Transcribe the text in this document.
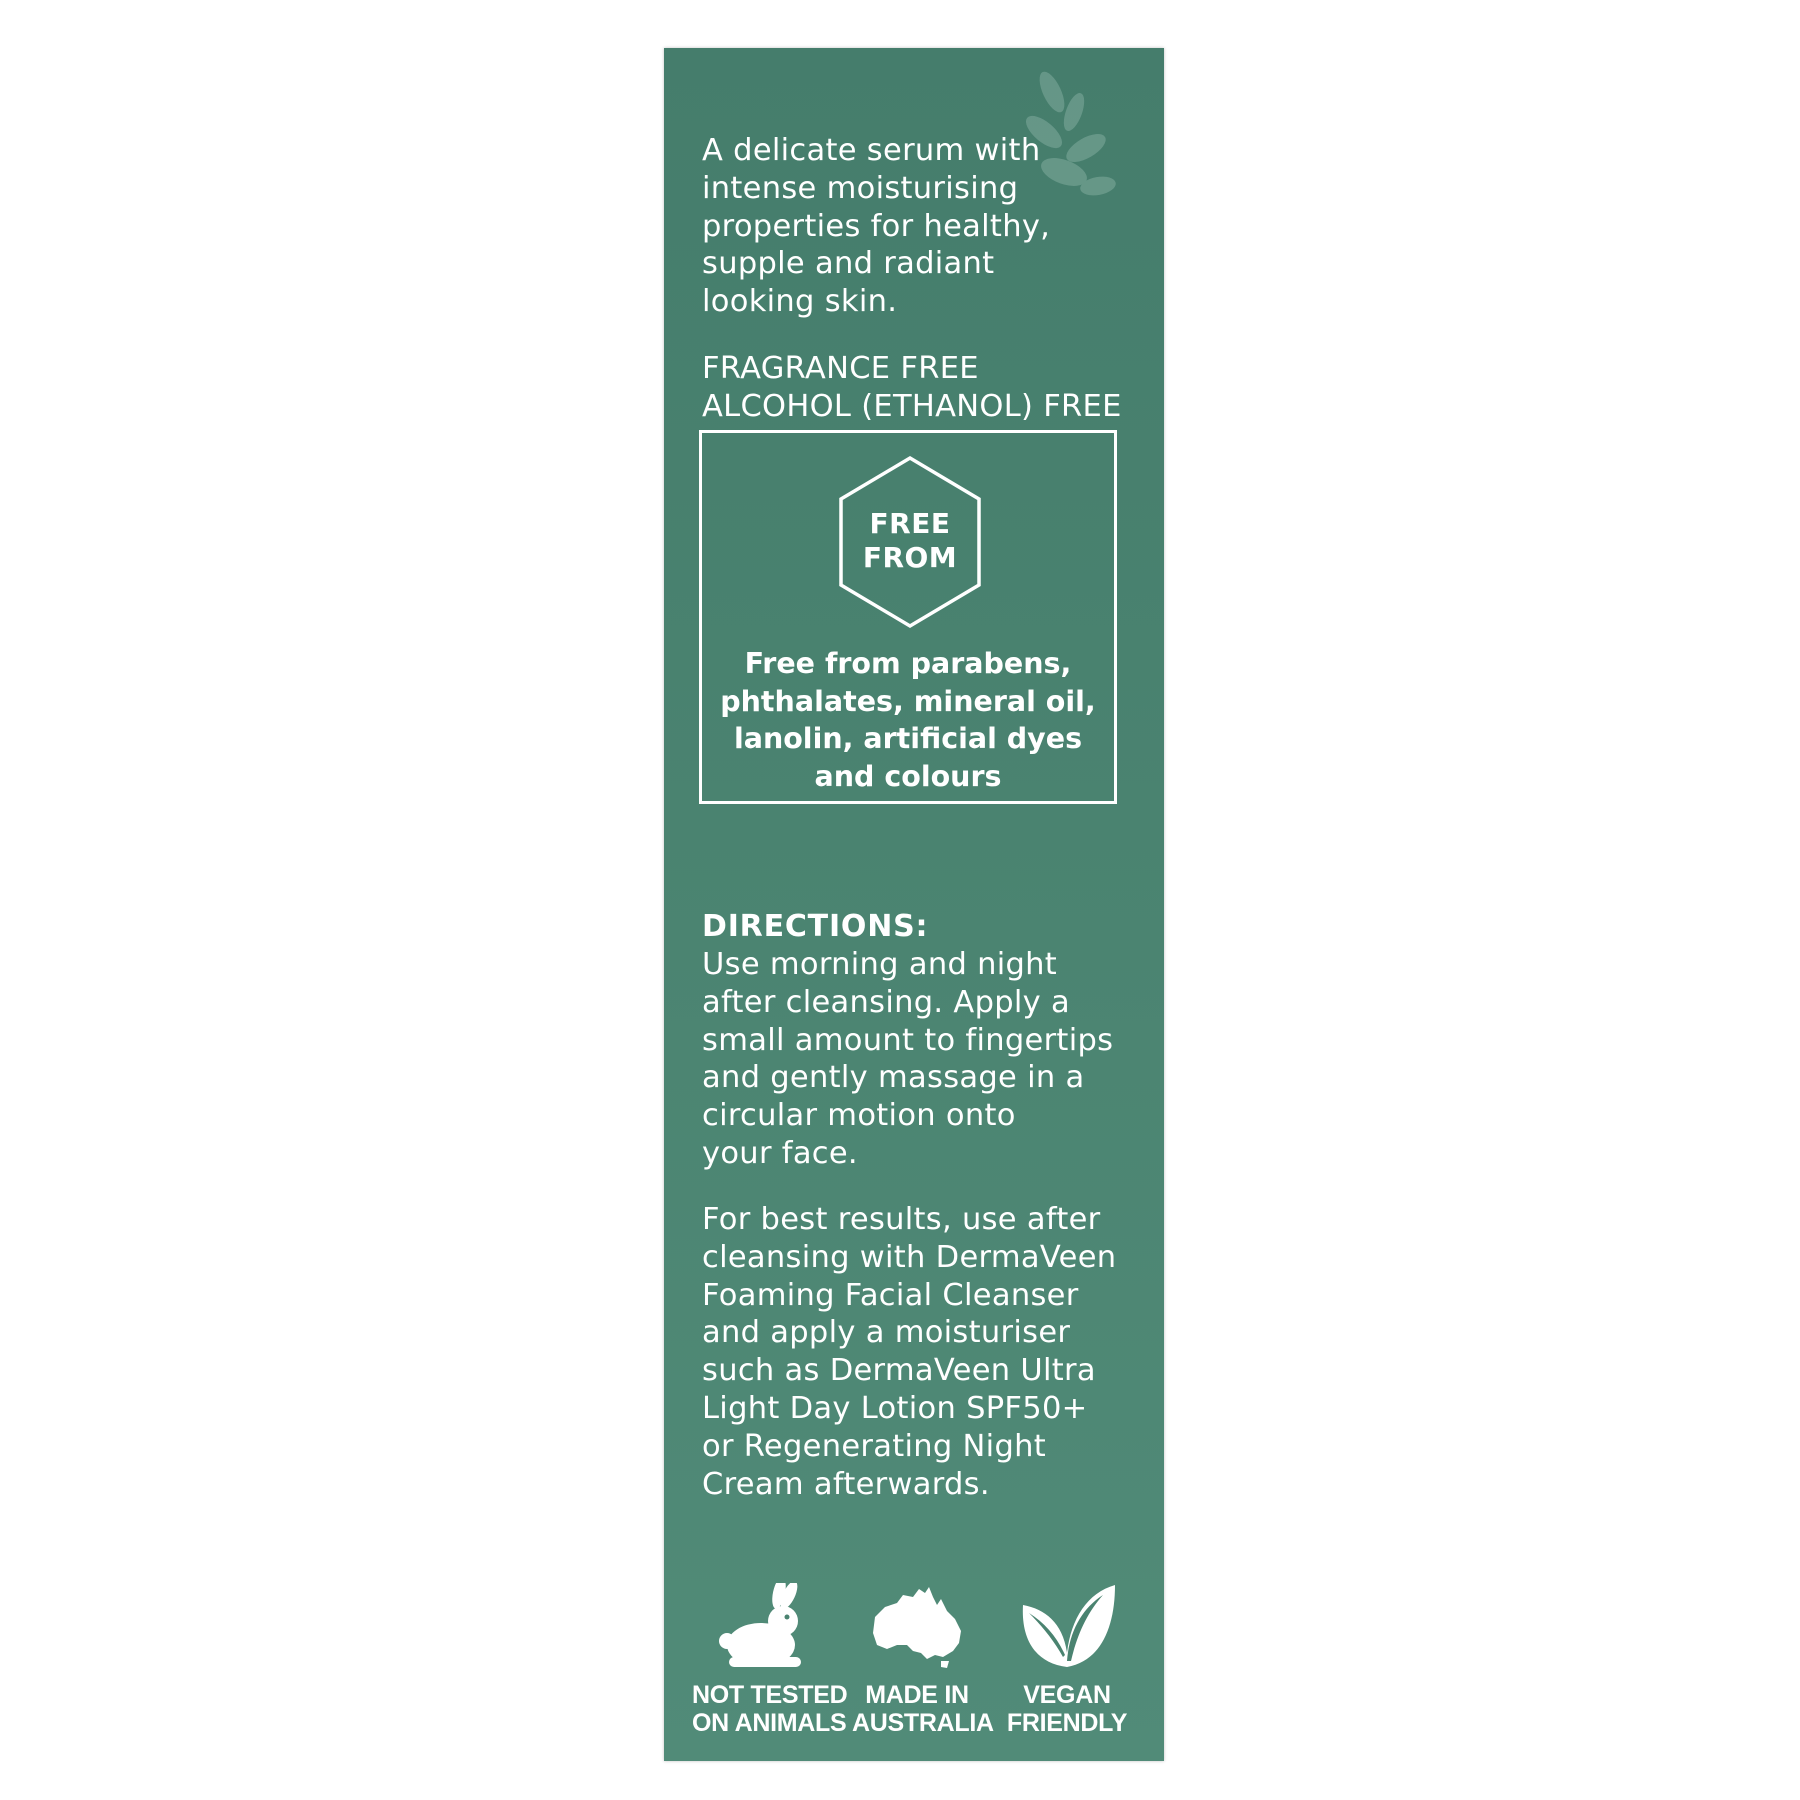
A delicate serum with
intense moisturising
properties for healthy,
supple and radiant
looking skin.
FRAGRANCE FREE
ALCOHOL (ETHANOL) FREE
FREE
FROM
Free from parabens,
phthalates, mineral oil,
lanolin, artificial dyes
and colours
DIRECTIONS:
Use morning and night
after cleansing. Apply a
small amount to fingertips
and gently massage in a
circular motion onto
your face.
For best results, use after
cleansing with DermaVeen
Foaming Facial Cleanser
and apply a moisturiser
such as DermaVeen Ultra
Light Day Lotion SPF50+
or Regenerating Night
Cream afterwards.
NOT TESTED
ON ANIMALS
MADE IN
AUSTRALIA
VEGAN
FRIENDLY
